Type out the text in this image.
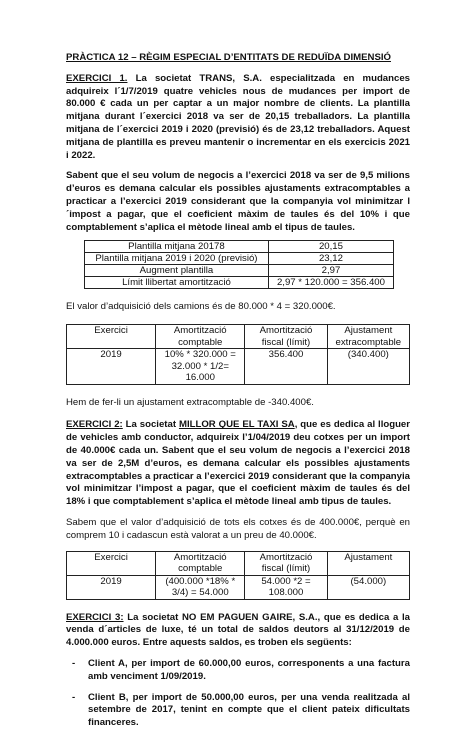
PRÀCTICA 12 – RÈGIM ESPECIAL D’ENTITATS DE REDUÏDA DIMENSIÓ

EXERCICI 1. La societat TRANS, S.A. especialitzada en mudances adquireix l´1/7/2019 quatre vehicles nous de mudances per import de 80.000 € cada un per captar a un major nombre de clients. La plantilla mitjana durant l´exercici 2018 va ser de 20,15 treballadors. La plantilla mitjana de l´exercici 2019 i 2020 (previsió) és de 23,12 treballadors. Aquest mitjana de plantilla es preveu mantenir o incrementar en els exercicis 2021 i 2022.

Sabent que el seu volum de negocis a l’exercici 2018 va ser de 9,5 milions d’euros es demana calcular els possibles ajustaments extracomptables a practicar a l’exercici 2019 considerant que la companyia vol minimitzar l´impost a pagar, que el coeficient màxim de taules és del 10% i que comptablement s’aplica el mètode lineal amb el tipus de taules.

Plantilla mitjana 20178	20,15
Plantilla mitjana 2019 i 2020 (previsió)	23,12
Augment plantilla	2,97
Límit llibertat amortització	2,97 * 120.000 = 356.400

El valor d’adquisició dels camions és de 80.000 * 4 = 320.000€.

Exercici	Amortització comptable	Amortització fiscal (límit)	Ajustament extracomptable
2019	10% * 320.000 = 32.000 * 1/2= 16.000	356.400	(340.400)

Hem de fer-li un ajustament extracomptable de -340.400€.

EXERCICI 2: La societat MILLOR QUE EL TAXI SA, que es dedica al lloguer de vehicles amb conductor, adquireix l’1/04/2019 deu cotxes per un import de 40.000€ cada un. Sabent que el seu volum de negocis a l’exercici 2018 va ser de 2,5M d’euros, es demana calcular els possibles ajustaments extracomptables a practicar a l’exercici 2019 considerant que la companyia vol minimitzar l’impost a pagar, que el coeficient màxim de taules és del 18% i que comptablement s’aplica el mètode lineal amb tipus de taules.

Sabem que el valor d’adquisició de tots els cotxes és de 400.000€, perquè en comprem 10 i cadascun està valorat a un preu de 40.000€.

Exercici	Amortització comptable	Amortització fiscal (límit)	Ajustament
2019	(400.000 *18% * 3/4) = 54.000	54.000 *2 = 108.000	(54.000)

EXERCICI 3: La societat NO EM PAGUEN GAIRE, S.A., que es dedica a la venda d´articles de luxe, té un total de saldos deutors al 31/12/2019 de 4.000.000 euros. Entre aquests saldos, es troben els següents:

- Client A, per import de 60.000,00 euros, corresponents a una factura amb venciment 1/09/2019.
- Client B, per import de 50.000,00 euros, per una venda realitzada al setembre de 2017, tenint en compte que el client pateix dificultats financeres.
